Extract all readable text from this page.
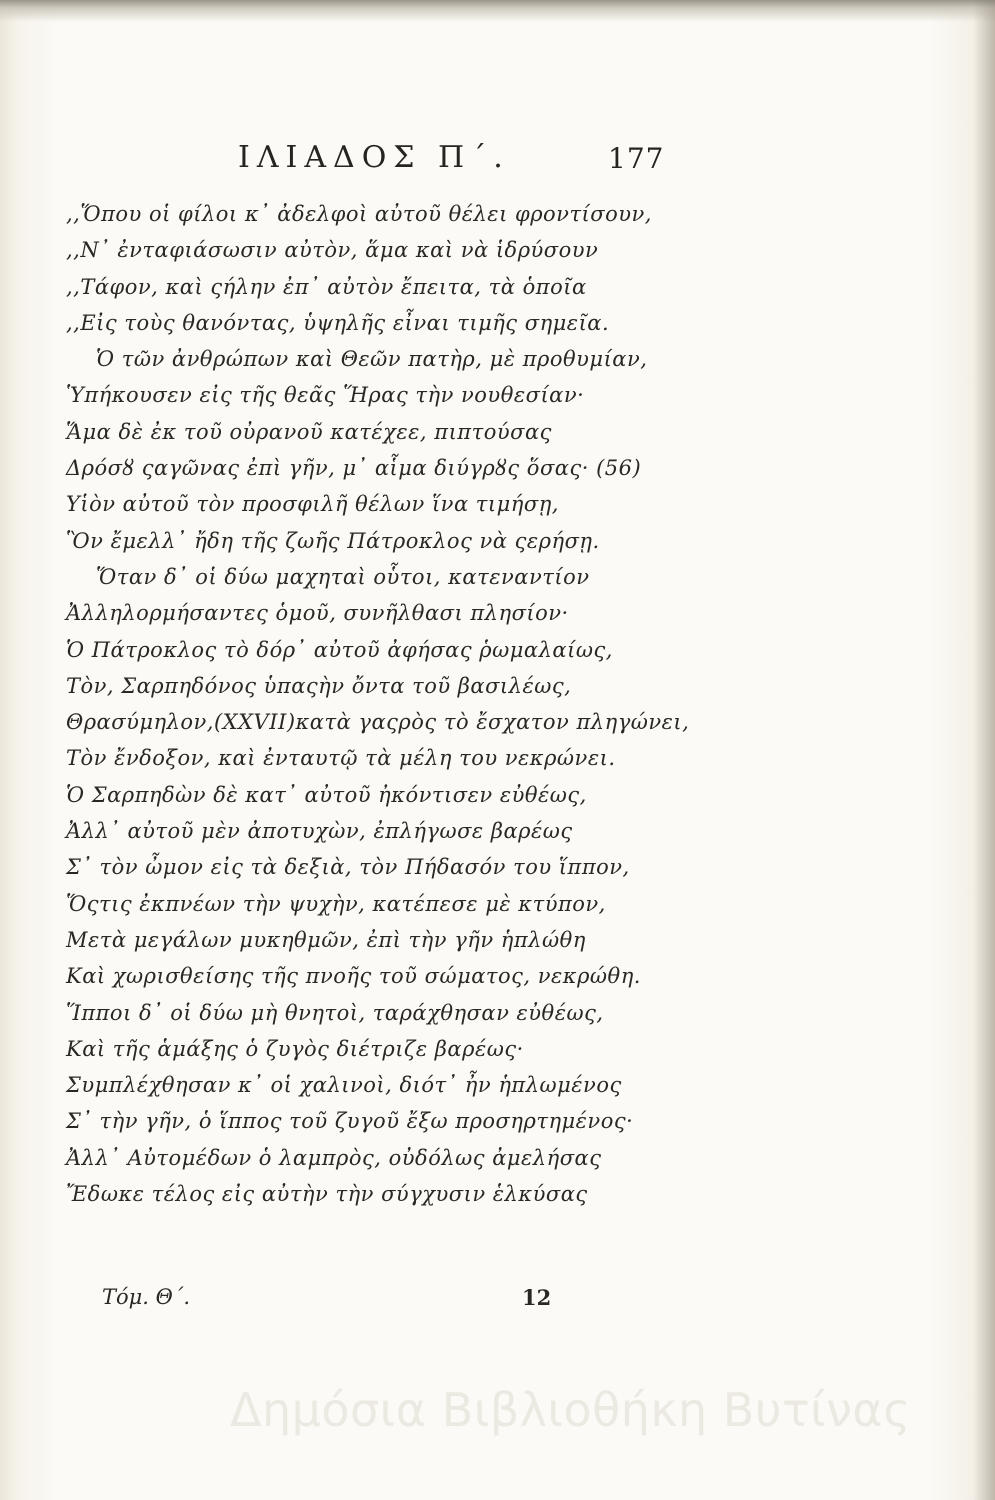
ΙΛΙΑΔΟΣ Π΄.	177
,,Ὅπου οἱ φίλοι κ᾿ ἀδελφοὶ αὐτοῦ θέλει φροντίσουν,
,,Ν᾿ ἐνταφιάσωσιν αὐτὸν, ἅμα καὶ νὰ ἱδρύσουν
,,Τάφον, καὶ ςήλην ἐπ᾿ αὐτὸν ἔπειτα, τὰ ὁποῖα
,,Εἰς τοὺς θανόντας, ὑψηλῆς εἶναι τιμῆς σημεῖα.
Ὁ τῶν ἀνθρώπων καὶ Θεῶν πατὴρ, μὲ προθυμίαν,
Ὑπήκουσεν εἰς τῆς θεᾶς Ἥρας τὴν νουθεσίαν·
Ἅμα δὲ ἐκ τοῦ οὐρανοῦ κατέχεε, πιπτούσας
Δρόσȣ ςαγῶνας ἐπὶ γῆν, μ᾿ αἷμα διύγρȣς ὅσας· (56)
Υἱὸν αὐτοῦ τὸν προσφιλῆ θέλων ἵνα τιμήσῃ,
Ὃν ἔμελλ᾿ ἤδη τῆς ζωῆς Πάτροκλος νὰ ςερήσῃ.
Ὅταν δ᾿ οἱ δύω μαχηταὶ οὗτοι, κατεναντίον
Ἀλληλορμήσαντες ὁμοῦ, συνῆλθασι πλησίον·
Ὁ Πάτροκλος τὸ δόρ᾿ αὐτοῦ ἀφήσας ῥωμαλαίως,
Τὸν, Σαρπηδόνος ὑπαςὴν ὄντα τοῦ βασιλέως,
Θρασύμηλον,(XXVII)κατὰ γαςρὸς τὸ ἔσχατον πληγώνει,
Τὸν ἔνδοξον, καὶ ἐνταυτῷ τὰ μέλη του νεκρώνει.
Ὁ Σαρπηδὼν δὲ κατ᾿ αὐτοῦ ἠκόντισεν εὐθέως,
Ἀλλ᾿ αὐτοῦ μὲν ἀποτυχὼν, ἐπλήγωσε βαρέως
Σ᾿ τὸν ὦμον εἰς τὰ δεξιὰ, τὸν Πήδασόν του ἵππον,
Ὅςτις ἐκπνέων τὴν ψυχὴν, κατέπεσε μὲ κτύπον,
Μετὰ μεγάλων μυκηθμῶν, ἐπὶ τὴν γῆν ἡπλώθη
Καὶ χωρισθείσης τῆς πνοῆς τοῦ σώματος, νεκρώθη.
Ἵπποι δ᾿ οἱ δύω μὴ θνητοὶ, ταράχθησαν εὐθέως,
Καὶ τῆς ἁμάξης ὁ ζυγὸς διέτριζε βαρέως·
Συμπλέχθησαν κ᾿ οἱ χαλινοὶ, διότ᾿ ἦν ἡπλωμένος
Σ᾿ τὴν γῆν, ὁ ἵππος τοῦ ζυγοῦ ἔξω προσηρτημένος·
Ἀλλ᾿ Αὐτομέδων ὁ λαμπρὸς, οὐδόλως ἀμελήσας
Ἔδωκε τέλος εἰς αὐτὴν τὴν σύγχυσιν ἑλκύσας
Τόμ. Θ΄.	12
Δημόσια Βιβλιοθήκη Βυτίνας
